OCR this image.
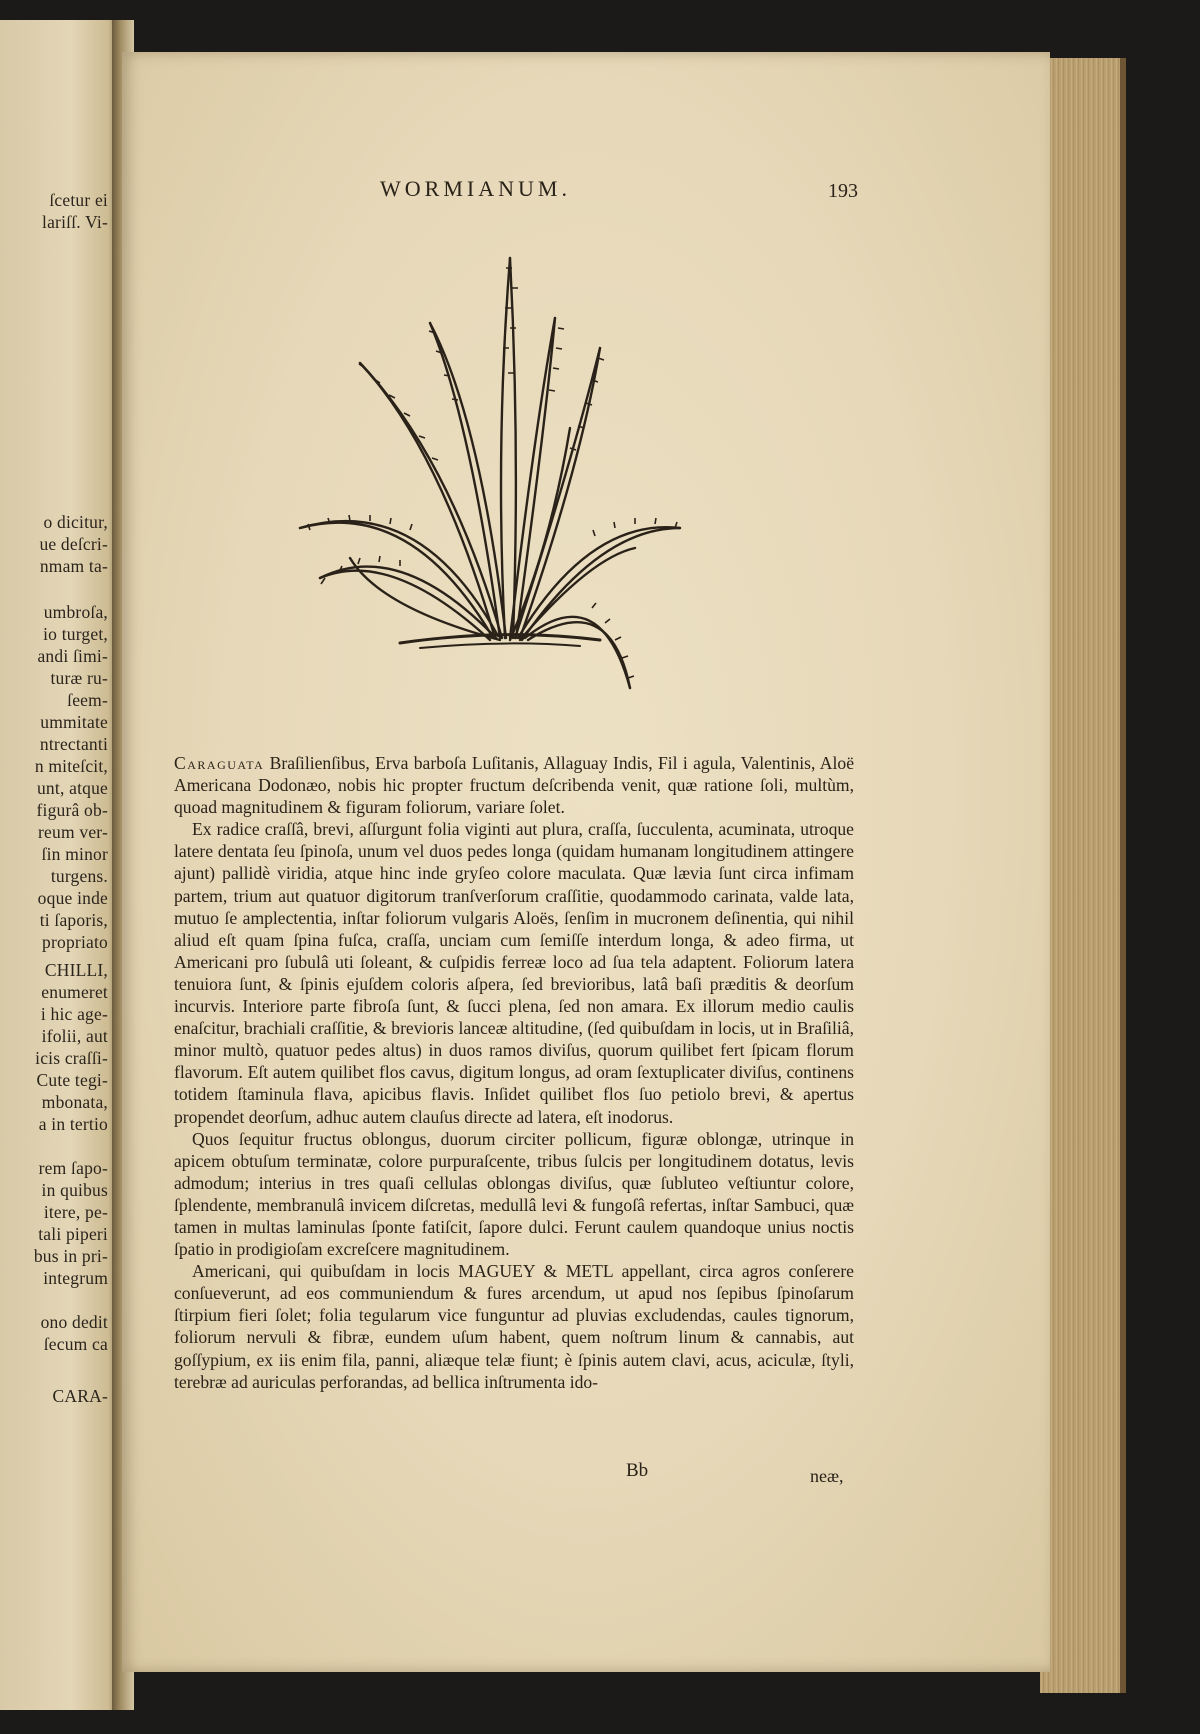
ſcetur ei
lariſſ. Vi-
o dicitur,
ue deſcri-
nmam ta-
umbroſa,
io turget,
andi ſimi-
turæ ru-
ſeem-
ummitate
ntrectanti
n miteſcit,
unt, atque
figurâ ob-
reum ver-
ſin minor
turgens.
oque inde
ti ſaporis,
propriato
CHILLI,
enumeret
i hic age-
ifolii, aut
icis craſſi-
Cute tegi-
mbonata,
a in tertio
rem ſapo-
in quibus
itere, pe-
tali piperi
bus in pri-
integrum
ono dedit
ſecum ca
CARA-
WORMIANUM.	193

Caraguata Braſilienſibus, Erva barboſa Luſitanis, Allaguay Indis, Fil i agula, Valentinis, Aloë Americana Dodonæo, nobis hic propter fructum deſcribenda venit, quæ ratione ſoli, multùm, quoad magnitudinem & figuram foliorum, variare ſolet.

Ex radice craſſâ, brevi, aſſurgunt folia viginti aut plura, craſſa, ſucculenta, acuminata, utroque latere dentata ſeu ſpinoſa, unum vel duos pedes longa (quidam humanam longitudinem attingere ajunt) pallidè viridia, atque hinc inde gryſeo colore maculata. Quæ lævia ſunt circa infimam partem, trium aut quatuor digitorum tranſverſorum craſſitie, quodammodo carinata, valde lata, mutuo ſe amplectentia, inſtar foliorum vulgaris Aloës, ſenſim in mucronem deſinentia, qui nihil aliud eſt quam ſpina fuſca, craſſa, unciam cum ſemiſſe interdum longa, & adeo firma, ut Americani pro ſubulâ uti ſoleant, & cuſpidis ferreæ loco ad ſua tela adaptent. Foliorum latera tenuiora ſunt, & ſpinis ejuſdem coloris aſpera, ſed brevioribus, latâ baſi præditis & deorſum incurvis. Interiore parte fibroſa ſunt, & ſucci plena, ſed non amara. Ex illorum medio caulis enaſcitur, brachiali craſſitie, & brevioris lanceæ altitudine, (ſed quibuſdam in locis, ut in Braſiliâ, minor multò, quatuor pedes altus) in duos ramos diviſus, quorum quilibet fert ſpicam florum flavorum. Eſt autem quilibet flos cavus, digitum longus, ad oram ſextuplicater diviſus, continens totidem ſtaminula flava, apicibus flavis. Inſidet quilibet flos ſuo petiolo brevi, & apertus propendet deorſum, adhuc autem clauſus directe ad latera, eſt inodorus.

Quos ſequitur fructus oblongus, duorum circiter pollicum, figuræ oblongæ, utrinque in apicem obtuſum terminatæ, colore purpuraſcente, tribus ſulcis per longitudinem dotatus, levis admodum; interius in tres quaſi cellulas oblongas diviſus, quæ ſubluteo veſtiuntur colore, ſplendente, membranulâ invicem diſcretas, medullâ levi & fungoſâ refertas, inſtar Sambuci, quæ tamen in multas laminulas ſponte fatiſcit, ſapore dulci. Ferunt caulem quandoque unius noctis ſpatio in prodigioſam excreſcere magnitudinem.

Americani, qui quibuſdam in locis MAGUEY & METL appellant, circa agros conſerere conſueverunt, ad eos communiendum & fures arcendum, ut apud nos ſepibus ſpinoſarum ſtirpium fieri ſolet; folia tegularum vice funguntur ad pluvias excludendas, caules tignorum, foliorum nervuli & fibræ, eundem uſum habent, quem noſtrum linum & cannabis, aut goſſypium, ex iis enim fila, panni, aliæque telæ fiunt; è ſpinis autem clavi, acus, aciculæ, ſtyli, terebræ ad auriculas perforandas, ad bellica inſtrumenta ido-

Bb	neæ,
